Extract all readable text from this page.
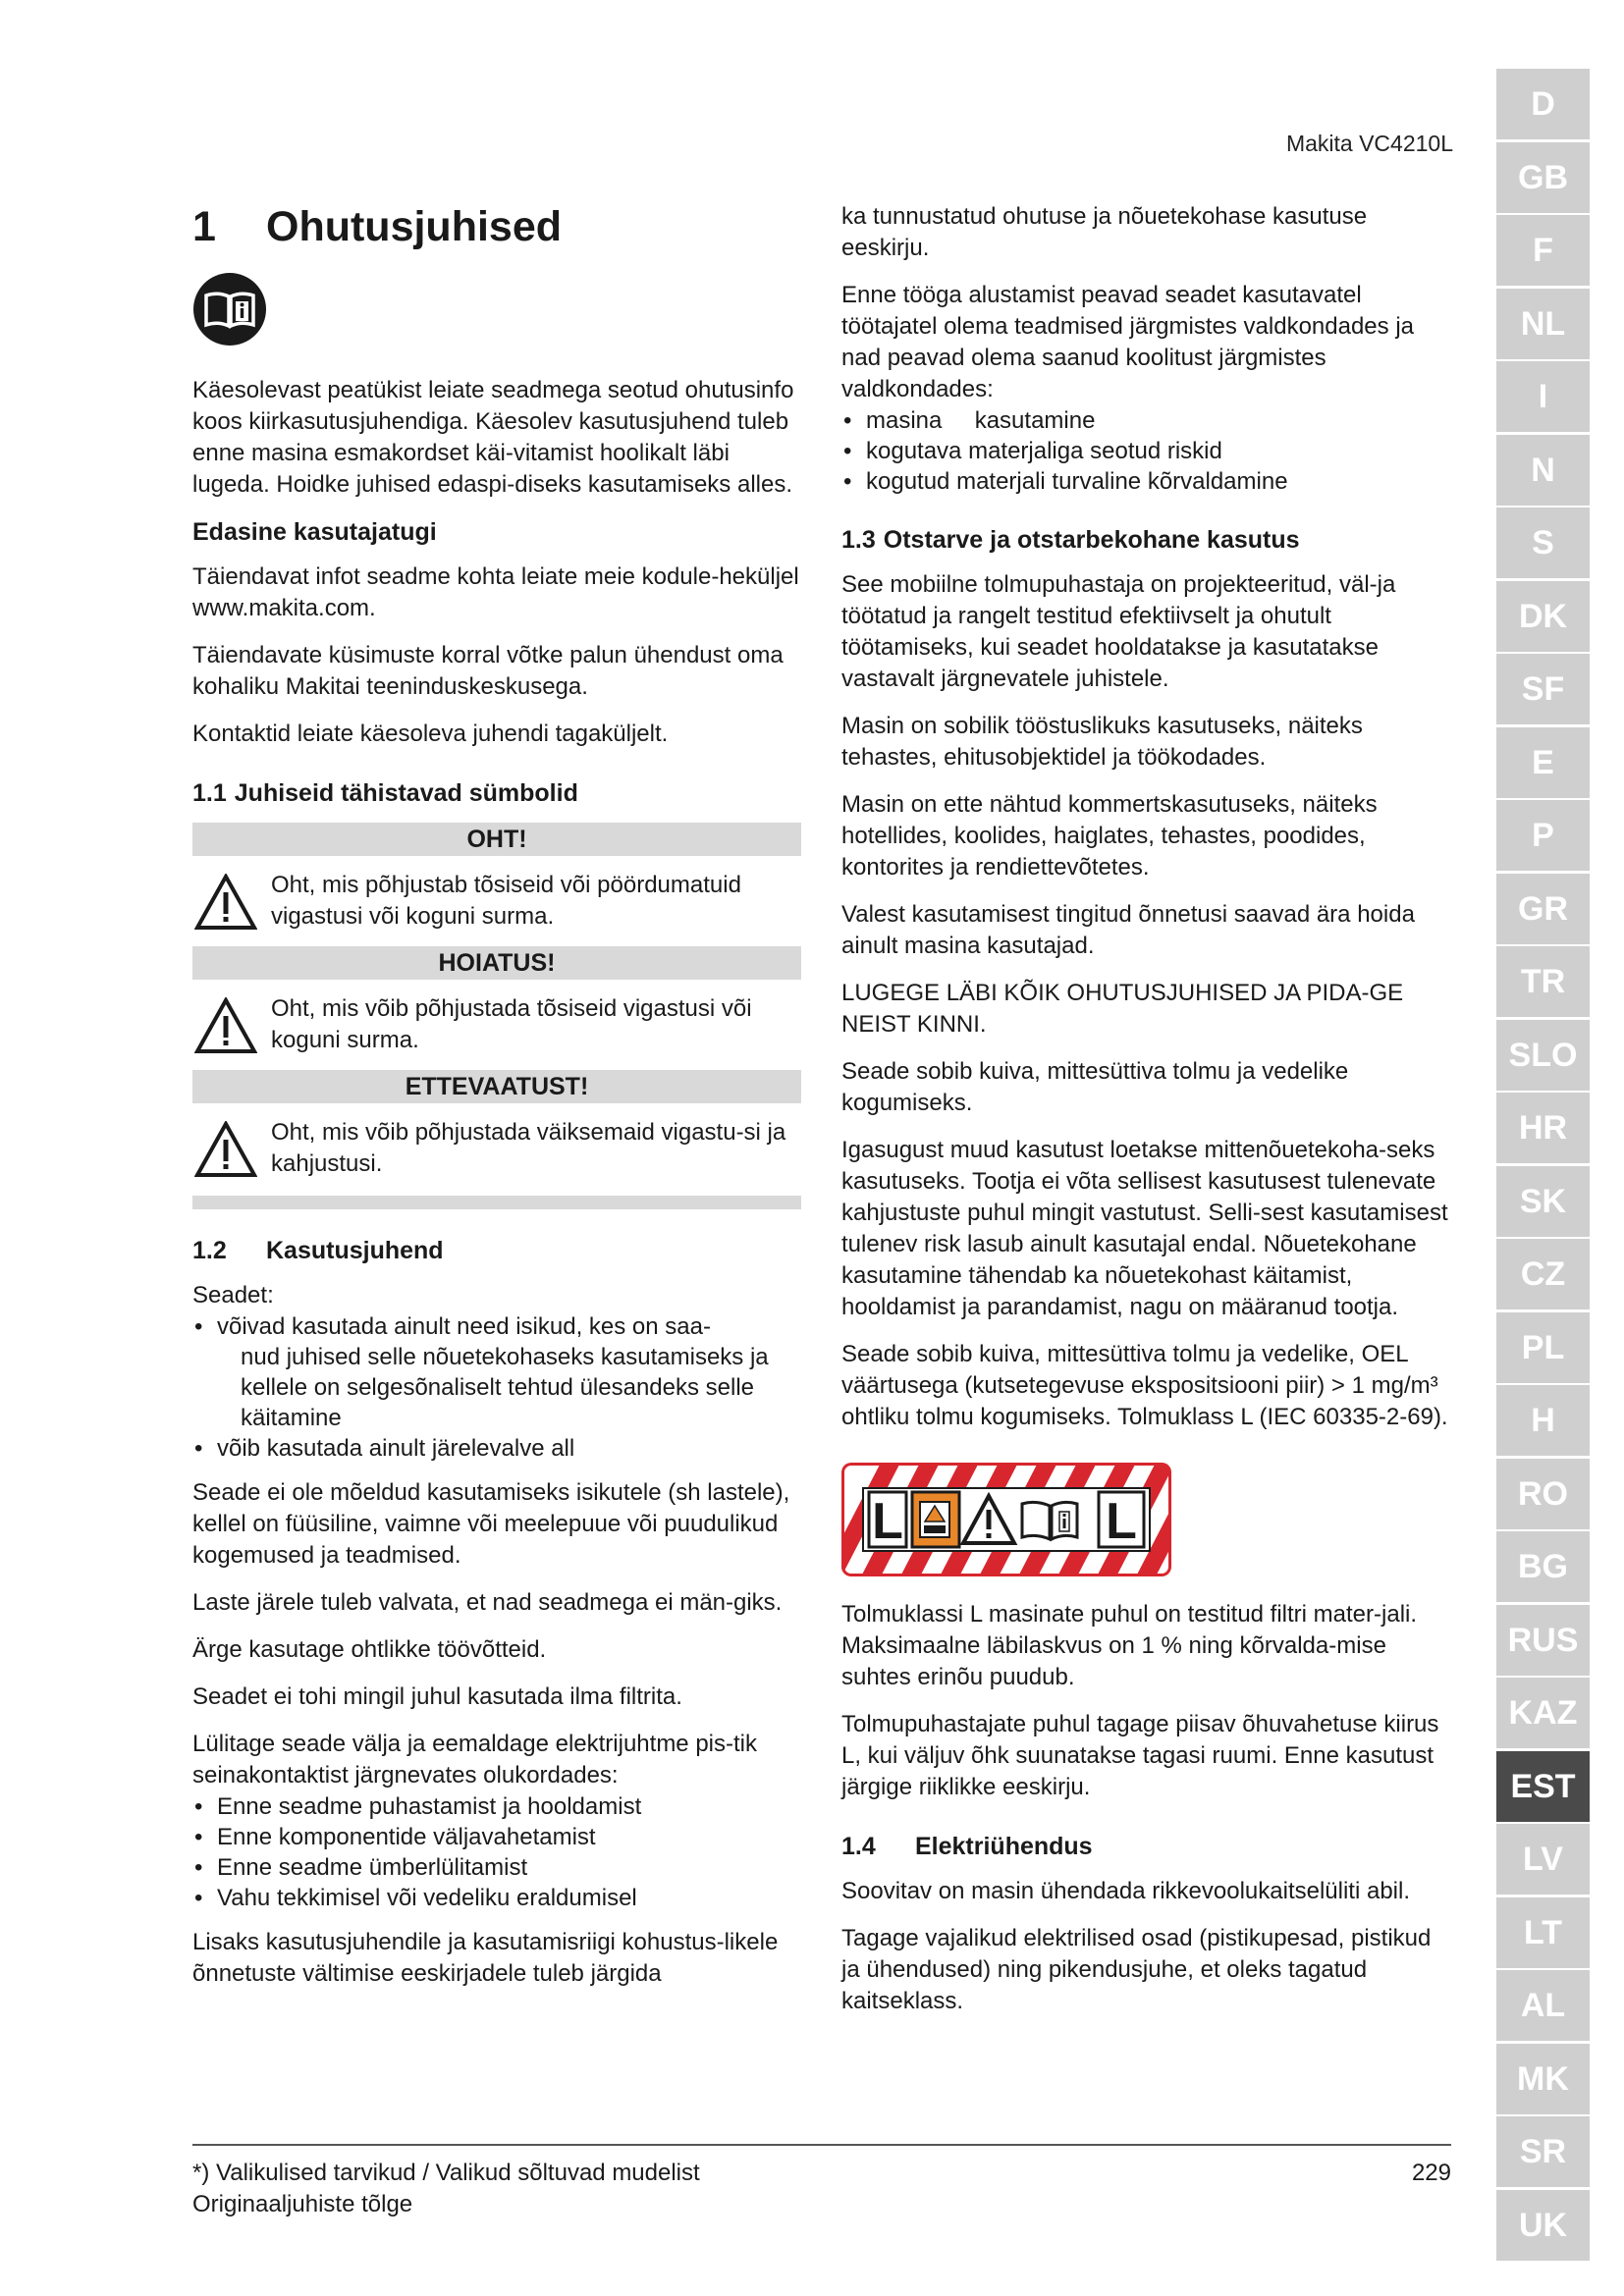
Makita VC4210L
1 Ohutusjuhised

Käesolevast peatükist leiate seadmega seotud ohutusinfo koos kiirkasutusjuhendiga. Käesolev kasutusjuhend tuleb enne masina esmakordset käi-vitamist hoolikalt läbi lugeda. Hoidke juhised edaspi-diseks kasutamiseks alles.

Edasine kasutajatugi

Täiendavat infot seadme kohta leiate meie kodule-heküljel www.makita.com.

Täiendavate küsimuste korral võtke palun ühendust oma kohaliku Makitai teeninduskeskusega.

Kontaktid leiate käesoleva juhendi tagaküljelt.

1.1 Juhiseid tähistavad sümbolid
OHT!

Oht, mis põhjustab tõsiseid või pöördumatuid vigastusi või koguni surma.

HOIATUS!

Oht, mis võib põhjustada tõsiseid vigastusi või koguni surma.

ETTEVAATUST!

Oht, mis võib põhjustada väiksemaid vigastu-si ja kahjustusi.

1.2 Kasutusjuhend

Seadet:

• võivad kasutada ainult need isikud, kes on saa-
nud juhised selle nõuetekohaseks kasutamiseks ja kellele on selgesõnaliselt tehtud ülesandeks selle käitamine
• võib kasutada ainult järelevalve all

Seade ei ole mõeldud kasutamiseks isikutele (sh lastele), kellel on füüsiline, vaimne või meelepuue või puudulikud kogemused ja teadmised.

Laste järele tuleb valvata, et nad seadmega ei män-giks.

Ärge kasutage ohtlikke töövõtteid.

Seadet ei tohi mingil juhul kasutada ilma filtrita.

Lülitage seade välja ja eemaldage elektrijuhtme pis-tik seinakontaktist järgnevates olukordades:

• Enne seadme puhastamist ja hooldamist
• Enne komponentide väljavahetamist
• Enne seadme ümberlülitamist
• Vahu tekkimisel või vedeliku eraldumisel

Lisaks kasutusjuhendile ja kasutamisriigi kohustus-likele õnnetuste vältimise eeskirjadele tuleb järgida

ka tunnustatud ohutuse ja nõuetekohase kasutuse eeskirju.

Enne tööga alustamist peavad seadet kasutavatel töötajatel olema teadmised järgmistes valdkondades ja nad peavad olema saanud koolitust järgmistes valdkondades:

• masina     kasutamine
• kogutava materjaliga seotud riskid
• kogutud materjali turvaline kõrvaldamine
1.3 Otstarve ja otstarbekohane kasutus

See mobiilne tolmupuhastaja on projekteeritud, väl-ja töötatud ja rangelt testitud efektiivselt ja ohutult töötamiseks, kui seadet hooldatakse ja kasutatakse vastavalt järgnevatele juhistele.

Masin on sobilik tööstuslikuks kasutuseks, näiteks tehastes, ehitusobjektidel ja töökodades.

Masin on ette nähtud kommertskasutuseks, näiteks hotellides, koolides, haiglates, tehastes, poodides, kontorites ja rendiettevõtetes.

Valest kasutamisest tingitud õnnetusi saavad ära hoida ainult masina kasutajad.

LUGEGE LÄBI KÕIK OHUTUSJUHISED JA PIDA-GE NEIST KINNI.

Seade sobib kuiva, mittesüttiva tolmu ja vedelike kogumiseks.

Igasugust muud kasutust loetakse mittenõuetekoha-seks kasutuseks. Tootja ei võta sellisest kasutusest tulenevate kahjustuste puhul mingit vastutust. Selli-sest kasutamisest tulenev risk lasub ainult kasutajal endal. Nõuetekohane kasutamine tähendab ka nõuetekohast käitamist, hooldamist ja parandamist, nagu on määranud tootja.

Seade sobib kuiva, mittesüttiva tolmu ja vedelike, OEL väärtusega (kutsetegevuse ekspositsiooni piir) > 1 mg/m³ ohtliku tolmu kogumiseks. Tolmuklass L (IEC 60335-2-69).

L	L

Tolmuklassi L masinate puhul on testitud filtri mater-jali. Maksimaalne läbilaskvus on 1 % ning kõrvalda-mise suhtes erinõu puudub.

Tolmupuhastajate puhul tagage piisav õhuvahetuse kiirus L, kui väljuv õhk suunatakse tagasi ruumi. Enne kasutust järgige riiklikke eeskirju.

1.4 Elektriühendus

Soovitav on masin ühendada rikkevoolukaitselüliti abil.

Tagage vajalikud elektrilised osad (pistikupesad, pistikud ja ühendused) ning pikendusjuhe, et oleks tagatud kaitseklass.

*) Valikulised tarvikud / Valikud sõltuvad mudelist
Originaaljuhiste tõlge
229
D
GB
F
NL
I
N
S
DK
SF
E
P
GR
TR
SLO
HR
SK
CZ
PL
H
RO
BG
RUS
KAZ
EST
LV
LT
AL
MK
SR
UK
